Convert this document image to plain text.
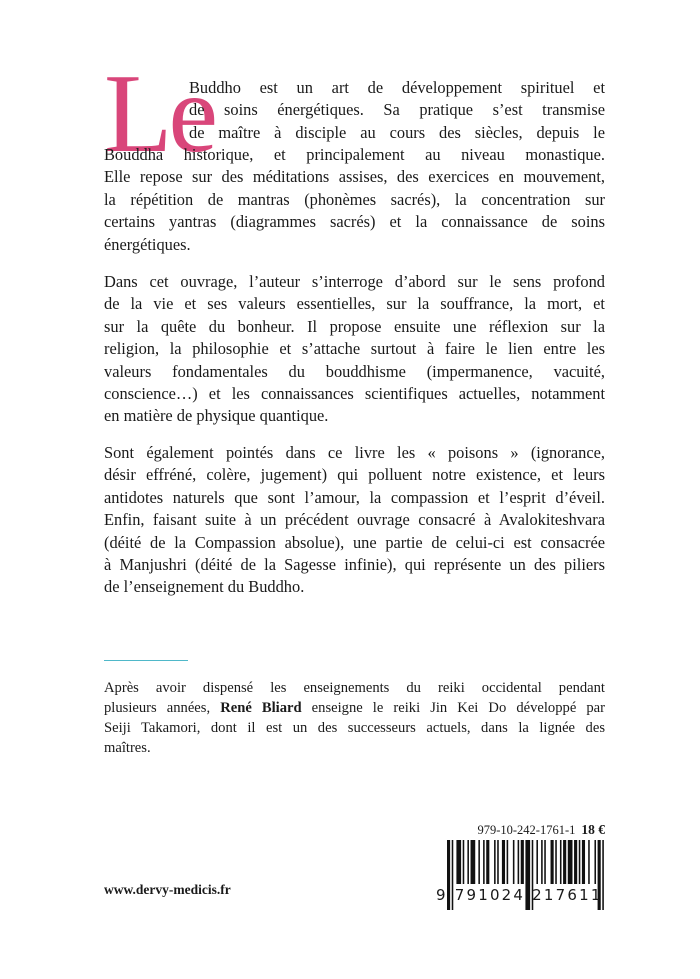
Le

Buddho est un art de développement spirituel et
de soins énergétiques. Sa pratique s’est transmise
de maître à disciple au cours des siècles, depuis le

Bouddha historique, et principalement au niveau monastique.
Elle repose sur des méditations assises, des exercices en mouvement,
la répétition de mantras (phonèmes sacrés), la concentration sur
certains yantras (diagrammes sacrés) et la connaissance de soins
énergétiques.

Dans cet ouvrage, l’auteur s’interroge d’abord sur le sens profond
de la vie et ses valeurs essentielles, sur la souffrance, la mort, et
sur la quête du bonheur. Il propose ensuite une réflexion sur la
religion, la philosophie et s’attache surtout à faire le lien entre les
valeurs fondamentales du bouddhisme (impermanence, vacuité,
conscience…) et les connaissances scientifiques actuelles, notamment
en matière de physique quantique.

Sont également pointés dans ce livre les « poisons » (ignorance,
désir effréné, colère, jugement) qui polluent notre existence, et leurs
antidotes naturels que sont l’amour, la compassion et l’esprit d’éveil.
Enfin, faisant suite à un précédent ouvrage consacré à Avalokiteshvara
(déité de la Compassion absolue), une partie de celui-ci est consacrée
à Manjushri (déité de la Sagesse infinie), qui représente un des piliers
de l’enseignement du Buddho.

Après avoir dispensé les enseignements du reiki occidental pendant
plusieurs années, René Bliard enseigne le reiki Jin Kei Do développé par
Seiji Takamori, dont il est un des successeurs actuels, dans la lignée des
maîtres.

979-10-242-1761-1 18 €
9 791024 217611
www.dervy-medicis.fr
